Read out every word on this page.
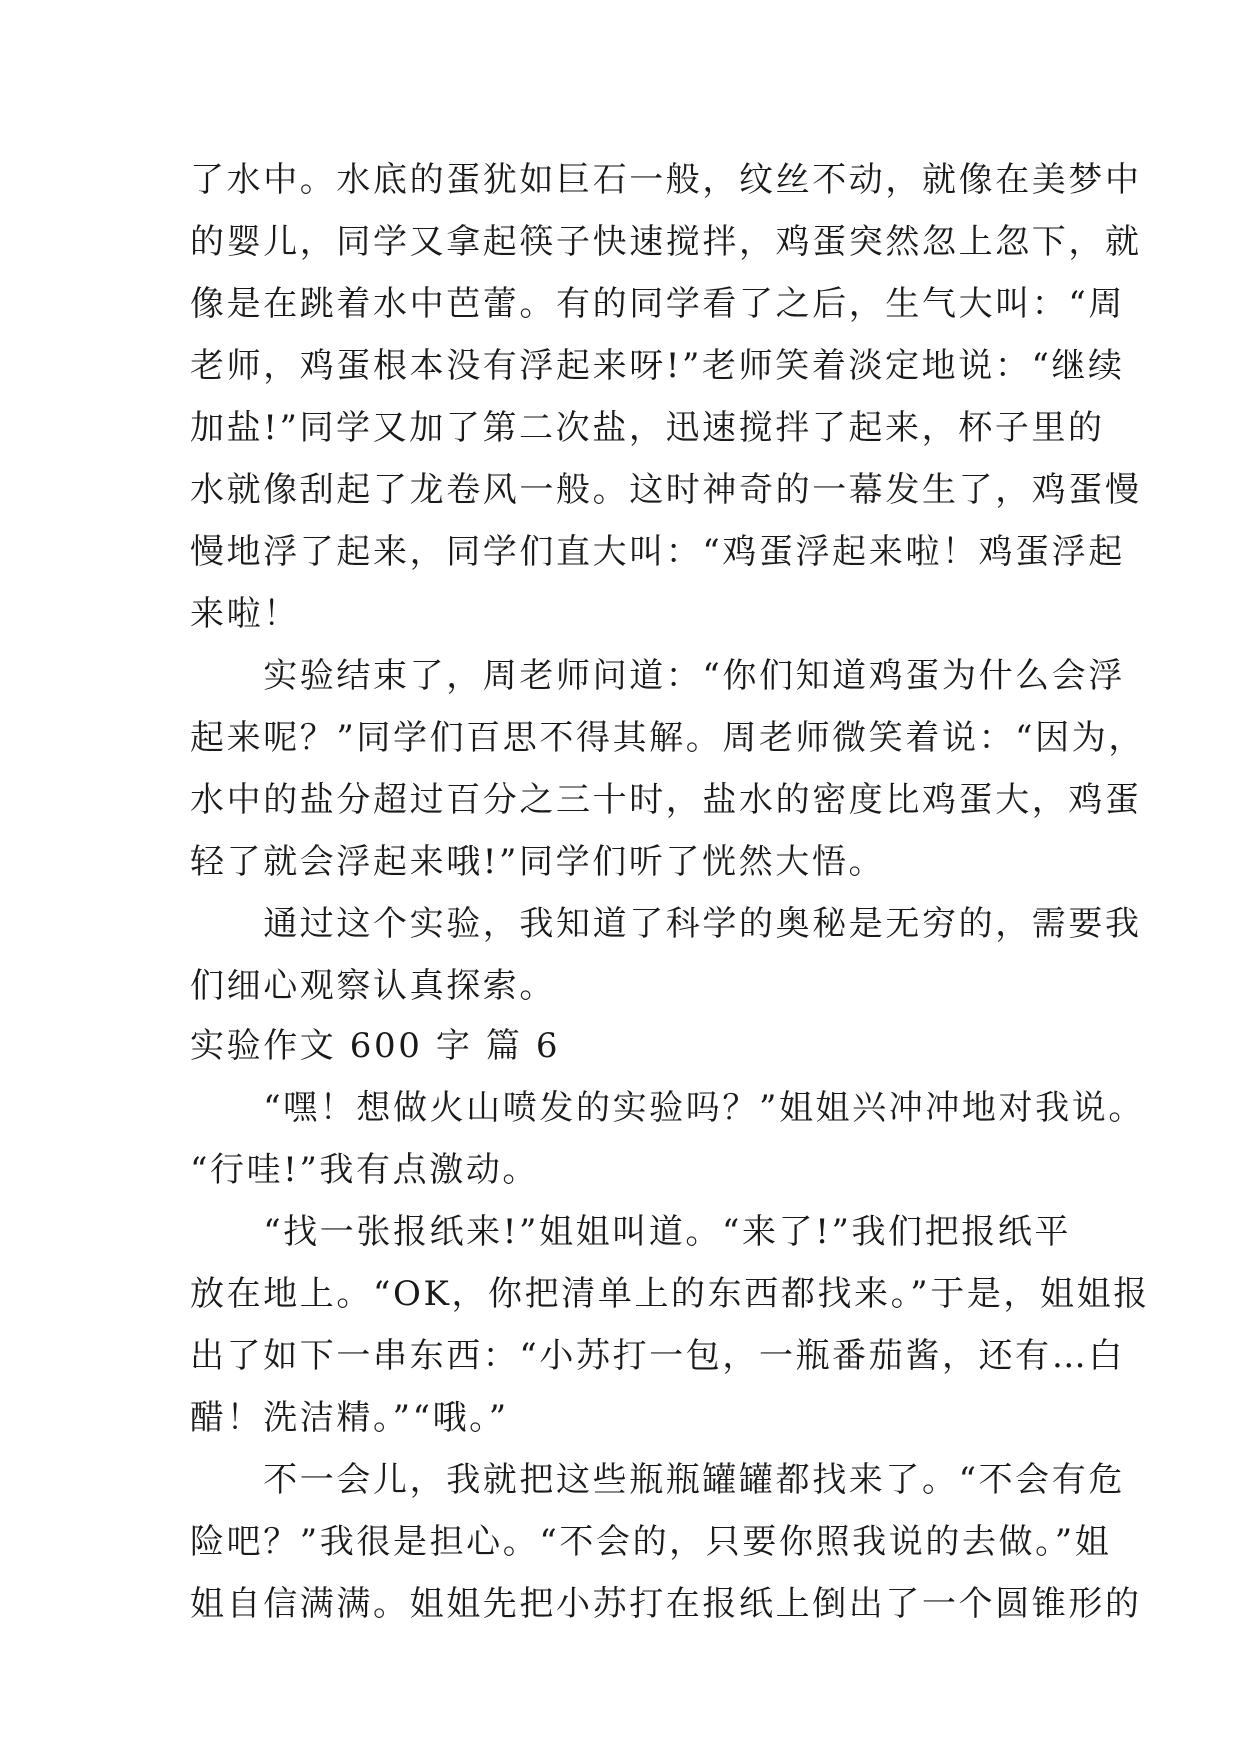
了水中。水底的蛋犹如巨石一般，纹丝不动，就像在美梦中
的婴儿，同学又拿起筷子快速搅拌，鸡蛋突然忽上忽下，就
像是在跳着水中芭蕾。有的同学看了之后，生气大叫：“周
老师，鸡蛋根本没有浮起来呀!”老师笑着淡定地说：“继续
加盐!”同学又加了第二次盐，迅速搅拌了起来，杯子里的
水就像刮起了龙卷风一般。这时神奇的一幕发生了，鸡蛋慢
慢地浮了起来，同学们直大叫：“鸡蛋浮起来啦！鸡蛋浮起
来啦！
　　实验结束了，周老师问道：“你们知道鸡蛋为什么会浮
起来呢？”同学们百思不得其解。周老师微笑着说：“因为，
水中的盐分超过百分之三十时，盐水的密度比鸡蛋大，鸡蛋
轻了就会浮起来哦!”同学们听了恍然大悟。
　　通过这个实验，我知道了科学的奥秘是无穷的，需要我
们细心观察认真探索。
实验作文 600 字 篇 6
　　“嘿！想做火山喷发的实验吗？”姐姐兴冲冲地对我说。
“行哇!”我有点激动。
　　“找一张报纸来!”姐姐叫道。“来了!”我们把报纸平
放在地上。“OK，你把清单上的东西都找来。”于是，姐姐报
出了如下一串东西：“小苏打一包，一瓶番茄酱，还有…白
醋！洗洁精。”“哦。”
　　不一会儿，我就把这些瓶瓶罐罐都找来了。“不会有危
险吧？”我很是担心。“不会的，只要你照我说的去做。”姐
姐自信满满。姐姐先把小苏打在报纸上倒出了一个圆锥形的
